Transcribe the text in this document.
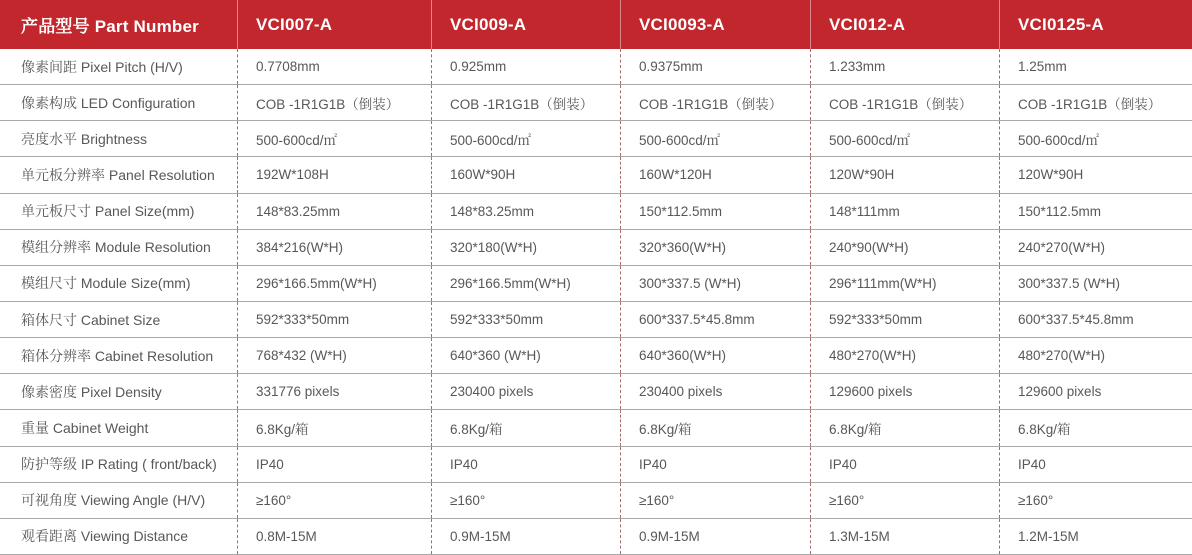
产品型号 Part Number	VCI007-A	VCI009-A	VCI0093-A	VCI012-A	VCI0125-A
像素间距 Pixel Pitch (H/V)	0.7708mm	0.925mm	0.9375mm	1.233mm	1.25mm
像素构成 LED Configuration	COB -1R1G1B（倒装）	COB -1R1G1B（倒装）	COB -1R1G1B（倒装）	COB -1R1G1B（倒装）	COB -1R1G1B（倒装）
亮度水平 Brightness	500-600cd/㎡	500-600cd/㎡	500-600cd/㎡	500-600cd/㎡	500-600cd/㎡
单元板分辨率 Panel Resolution	192W*108H	160W*90H	160W*120H	120W*90H	120W*90H
单元板尺寸 Panel Size(mm)	148*83.25mm	148*83.25mm	150*112.5mm	148*111mm	150*112.5mm
模组分辨率 Module Resolution	384*216(W*H)	320*180(W*H)	320*360(W*H)	240*90(W*H)	240*270(W*H)
模组尺寸 Module Size(mm)	296*166.5mm(W*H)	296*166.5mm(W*H)	300*337.5 (W*H)	296*111mm(W*H)	300*337.5 (W*H)
箱体尺寸 Cabinet Size	592*333*50mm	592*333*50mm	600*337.5*45.8mm	592*333*50mm	600*337.5*45.8mm
箱体分辨率 Cabinet Resolution	768*432 (W*H)	640*360 (W*H)	640*360(W*H)	480*270(W*H)	480*270(W*H)
像素密度 Pixel Density	331776 pixels	230400 pixels	230400 pixels	129600 pixels	129600 pixels
重量 Cabinet Weight	6.8Kg/箱	6.8Kg/箱	6.8Kg/箱	6.8Kg/箱	6.8Kg/箱
防护等级 IP Rating ( front/back)	IP40	IP40	IP40	IP40	IP40
可视角度 Viewing Angle (H/V)	≥160°	≥160°	≥160°	≥160°	≥160°
观看距离 Viewing Distance	0.8M-15M	0.9M-15M	0.9M-15M	1.3M-15M	1.2M-15M
